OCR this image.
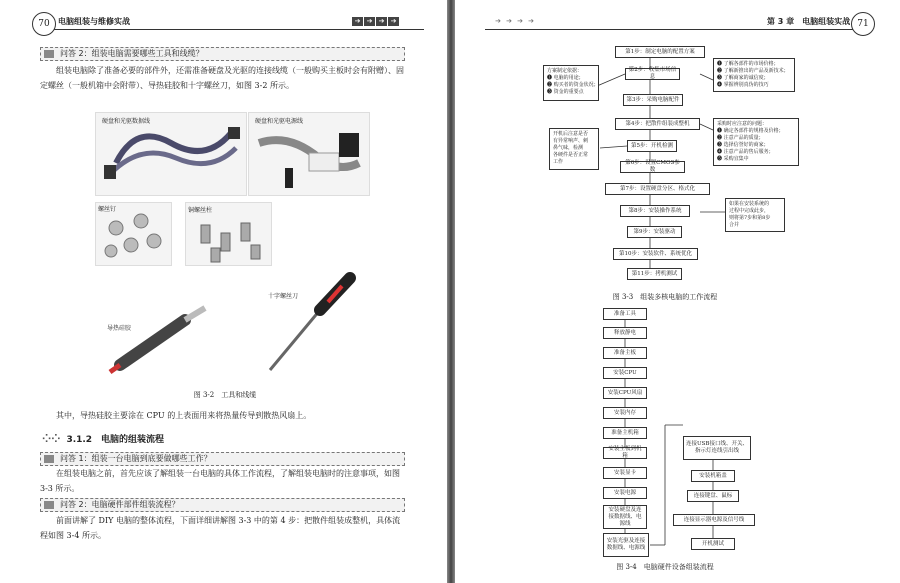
70	电脑组装与维修实战	➔ ➔ ➔ ➔
问答 2：组装电脑需要哪些工具和线缆？

组装电脑除了准备必要的部件外，还需准备硬盘及光驱的连接线缆（一般购买主板时会有附赠）、固定螺丝（一般机箱中会附带）、导热硅胶和十字螺丝刀，如图 3-2 所示。

硬盘和光驱数据线	硬盘和光驱电源线
螺丝钉	铜螺丝柱
导热硅胶
十字螺丝刀
图 3-2　工具和线缆

其中，导热硅胶主要涂在 CPU 的上表面用来将热量传导到散热风扇上。

⁘⁘ 3.1.2　电脑的组装流程
问答 1：组装一台电脑到底要做哪些工作？

在组装电脑之前，首先应该了解组装一台电脑的具体工作流程，了解组装电脑时的注意事项，如图 3-3 所示。

问答 2：电脑硬件部件组装流程？

前面讲解了 DIY 电脑的整体流程，下面详细讲解图 3-3 中的第 4 步：把散件组装成整机，具体流程如图 3-4 所示。

➔ ➔ ➔ ➔	第 3 章　电脑组装实战 71
第1步：制定电脑的配置方案
第2步：收集市场信息
第3步：采购电脑配件
第4步：把散件组装成整机
第5步：开机检测
第6步：设置CMOS参数
第7步：设置硬盘分区、格式化
第8步：安装操作系统
第9步：安装驱动
第10步：安装软件、系统优化
第11步：拷机测试
方案制定依据：
❶ 电脑的用途；
❷ 购买者的资金状况；
❸ 资金的重要点
❶ 了解各部件的市场价格；
❷ 了解新推出的产品及新技术；
❸ 了解商家的诚信度；
❹ 掌握辨别真伪的技巧
开机后注意是否
有异常响声、刺
鼻气味，检测
各硬件是否正常
工作
采购时应注意的问题：
❶ 确定各部件的规格及价格；
❷ 注意产品的质量；
❸ 选择信誉好的商家；
❹ 注意产品的售后服务；
❺ 采购宜集中
如果在安装系统的
过程中完成此步，
则将第7步和第8步
合并
图 3-3　组装多核电脑的工作流程
准备工具
释放静电
准备主板
安装CPU
安装CPU风扇
安装内存
准备主机箱
安装主板到机箱
安装显卡
安装电源
安装硬盘及连接数据线、电源线
安装光驱及连接数据线、电源线
连接USB接口线、开关、指示灯连线引出线
安装机箱盖
连接键盘、鼠标
连接显示器电源及信号线
开机测试
图 3-4　电脑硬件设备组装流程
